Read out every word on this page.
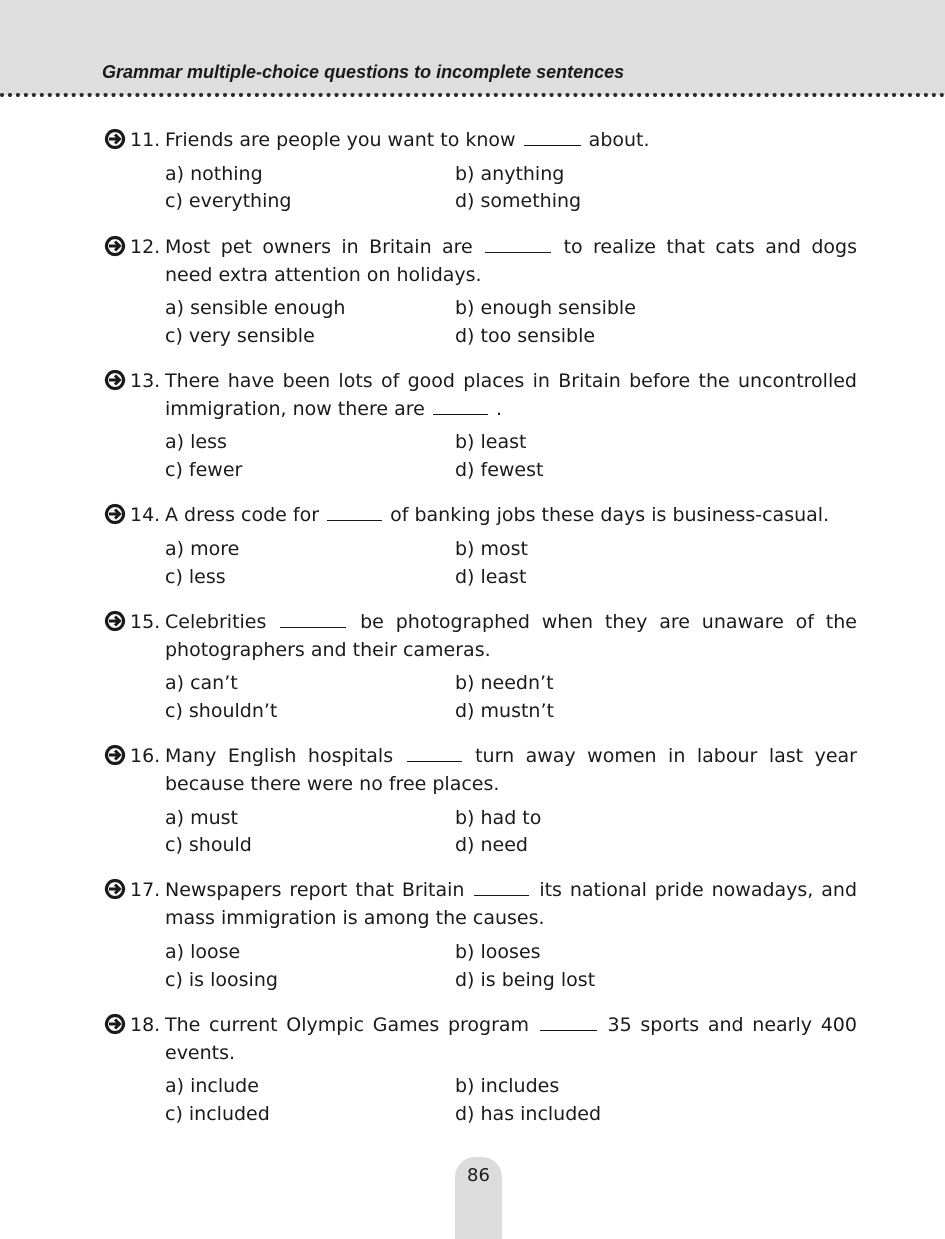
Grammar multiple-choice questions to incomplete sentences
11. Friends are people you want to know	about.
a) nothing	b) anything
c) everything	d) something
12. Most pet owners in Britain are	to realize that cats and dogs need extra attention on holidays.
a) sensible enough	b) enough sensible
c) very sensible	d) too sensible
13. There have been lots of good places in Britain before the uncontrolled immigration, now there are	.
a) less	b) least
c) fewer	d) fewest
14. A dress code for	of banking jobs these days is business-casual.
a) more	b) most
c) less	d) least
15. Celebrities	be photographed when they are unaware of the photographers and their cameras.
a) can’t	b) needn’t
c) shouldn’t	d) mustn’t
16. Many English hospitals	turn away women in labour last year because there were no free places.
a) must	b) had to
c) should	d) need
17. Newspapers report that Britain	its national pride nowadays, and mass immigration is among the causes.
a) loose	b) looses
c) is loosing	d) is being lost
18. The current Olympic Games program	35 sports and nearly 400 events.
a) include	b) includes
c) included	d) has included
86
